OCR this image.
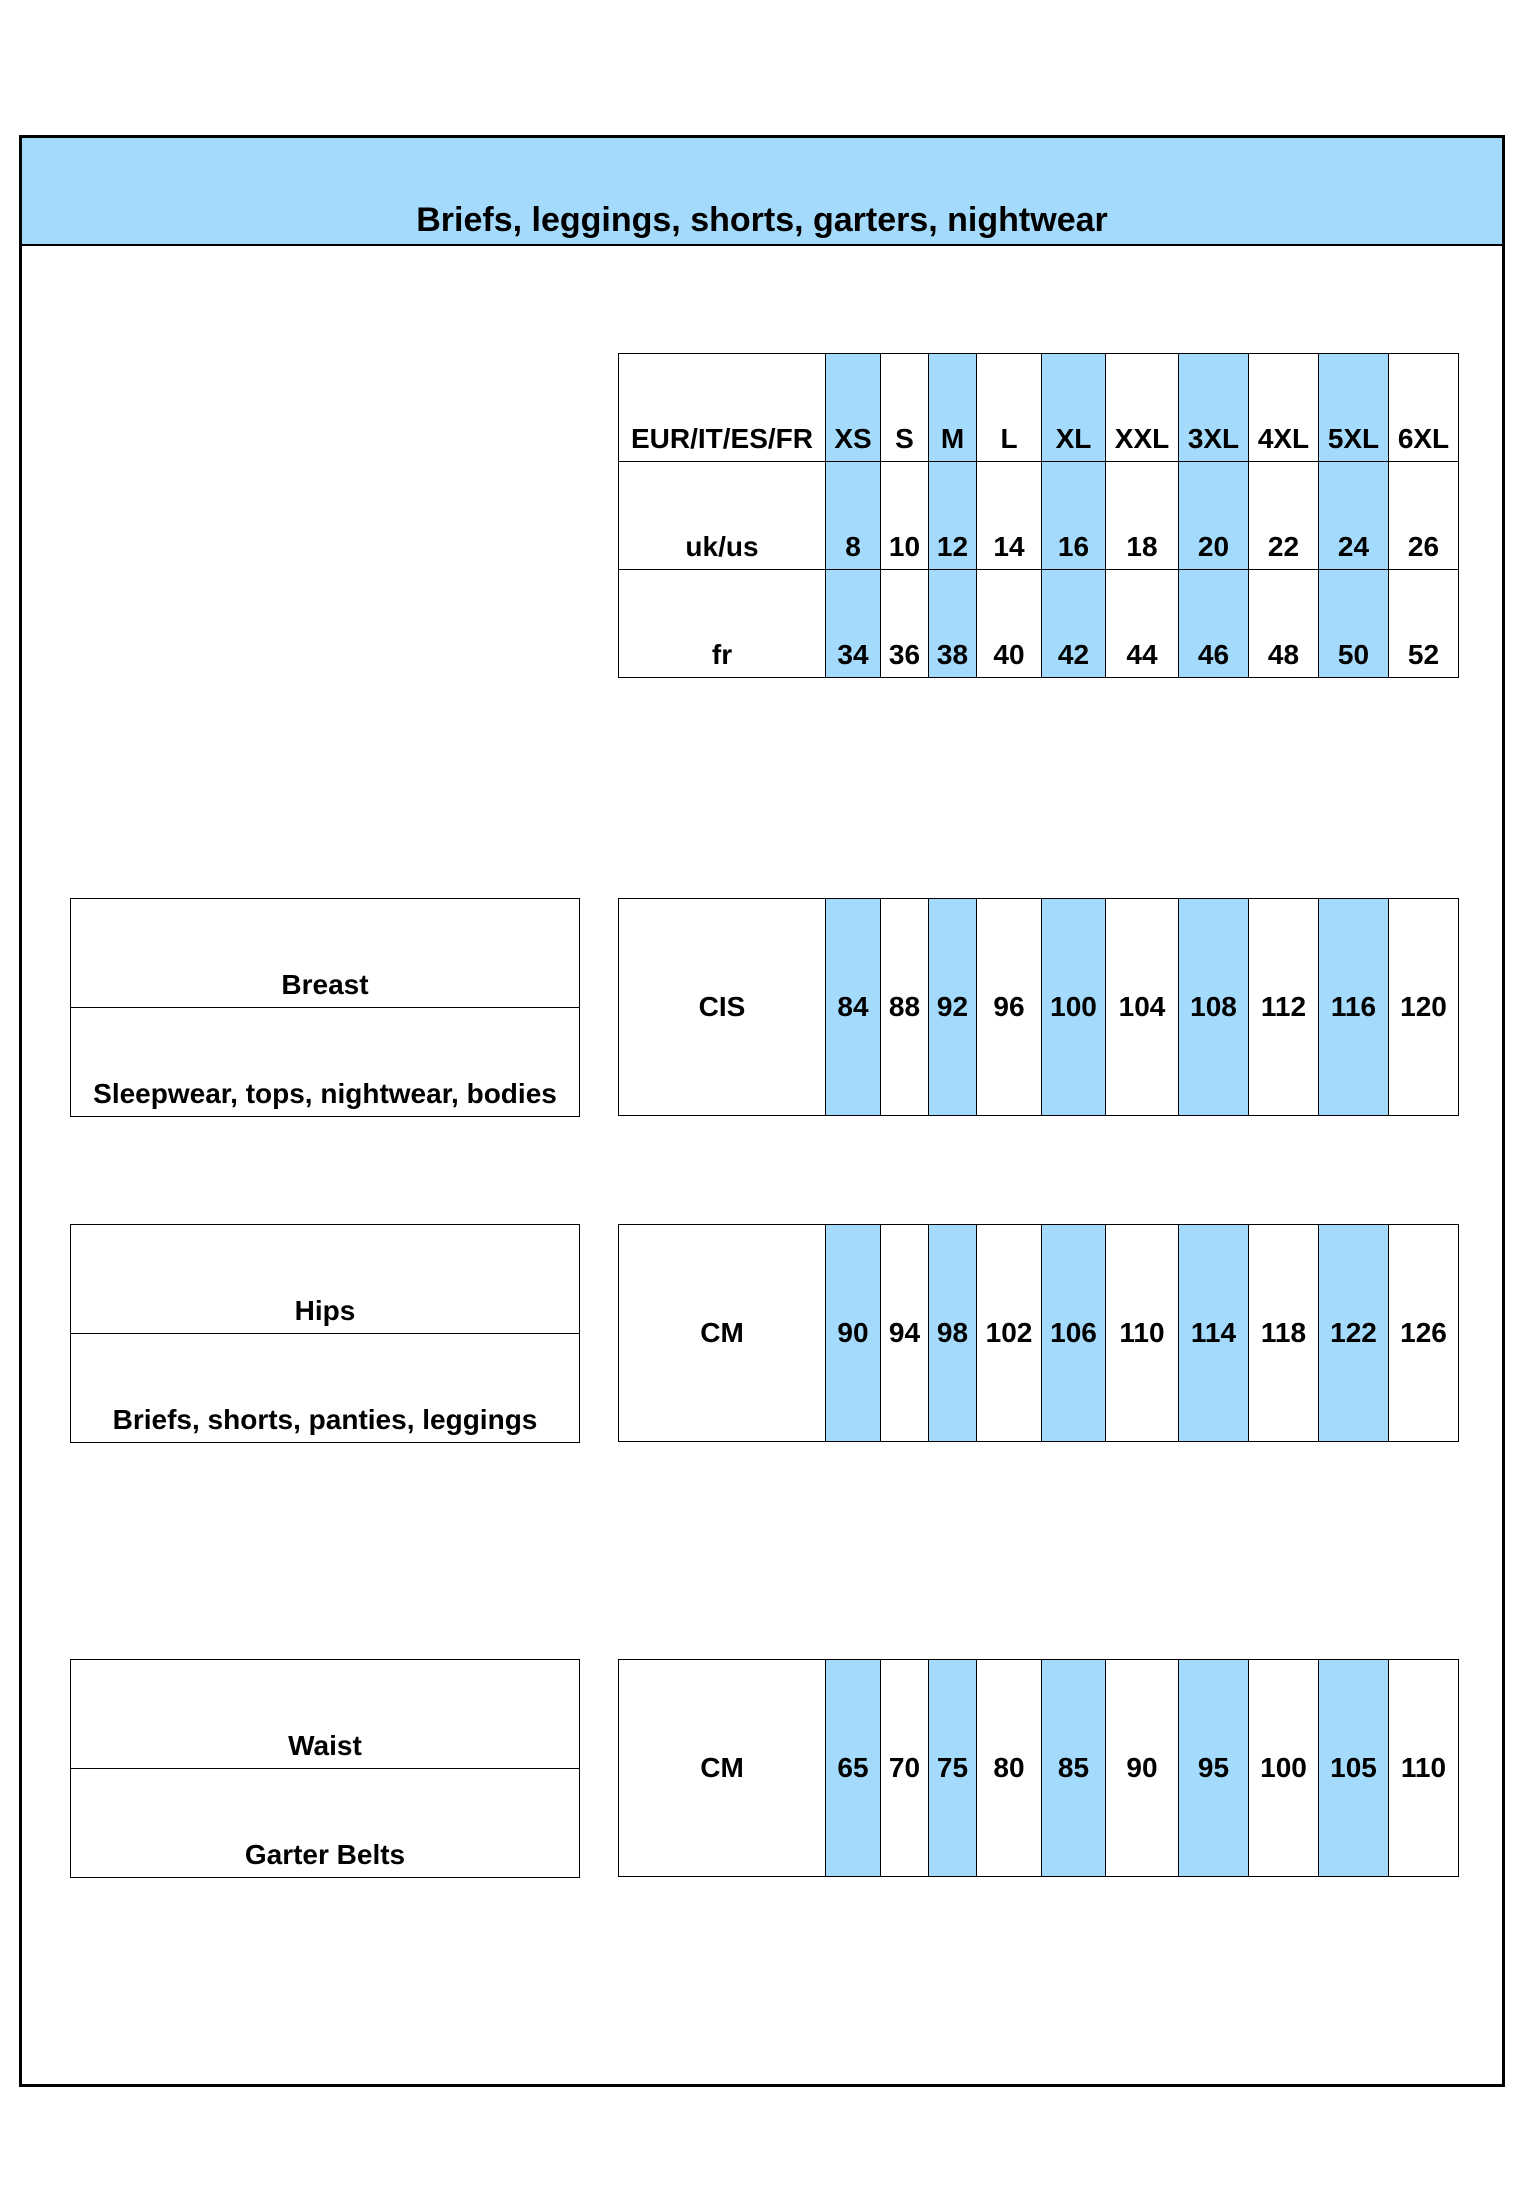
Briefs, leggings, shorts, garters, nightwear
EUR/IT/ES/FR	XS	S	M	L	XL	XXL	3XL	4XL	5XL	6XL
uk/us	8	10	12	14	16	18	20	22	24	26
fr	34	36	38	40	42	44	46	48	50	52
Breast
Sleepwear, tops, nightwear, bodies
CIS	84	88	92	96	100	104	108	112	116	120
Hips
Briefs, shorts, panties, leggings
CM	90	94	98	102	106	110	114	118	122	126
Waist
Garter Belts
CM	65	70	75	80	85	90	95	100	105	110
